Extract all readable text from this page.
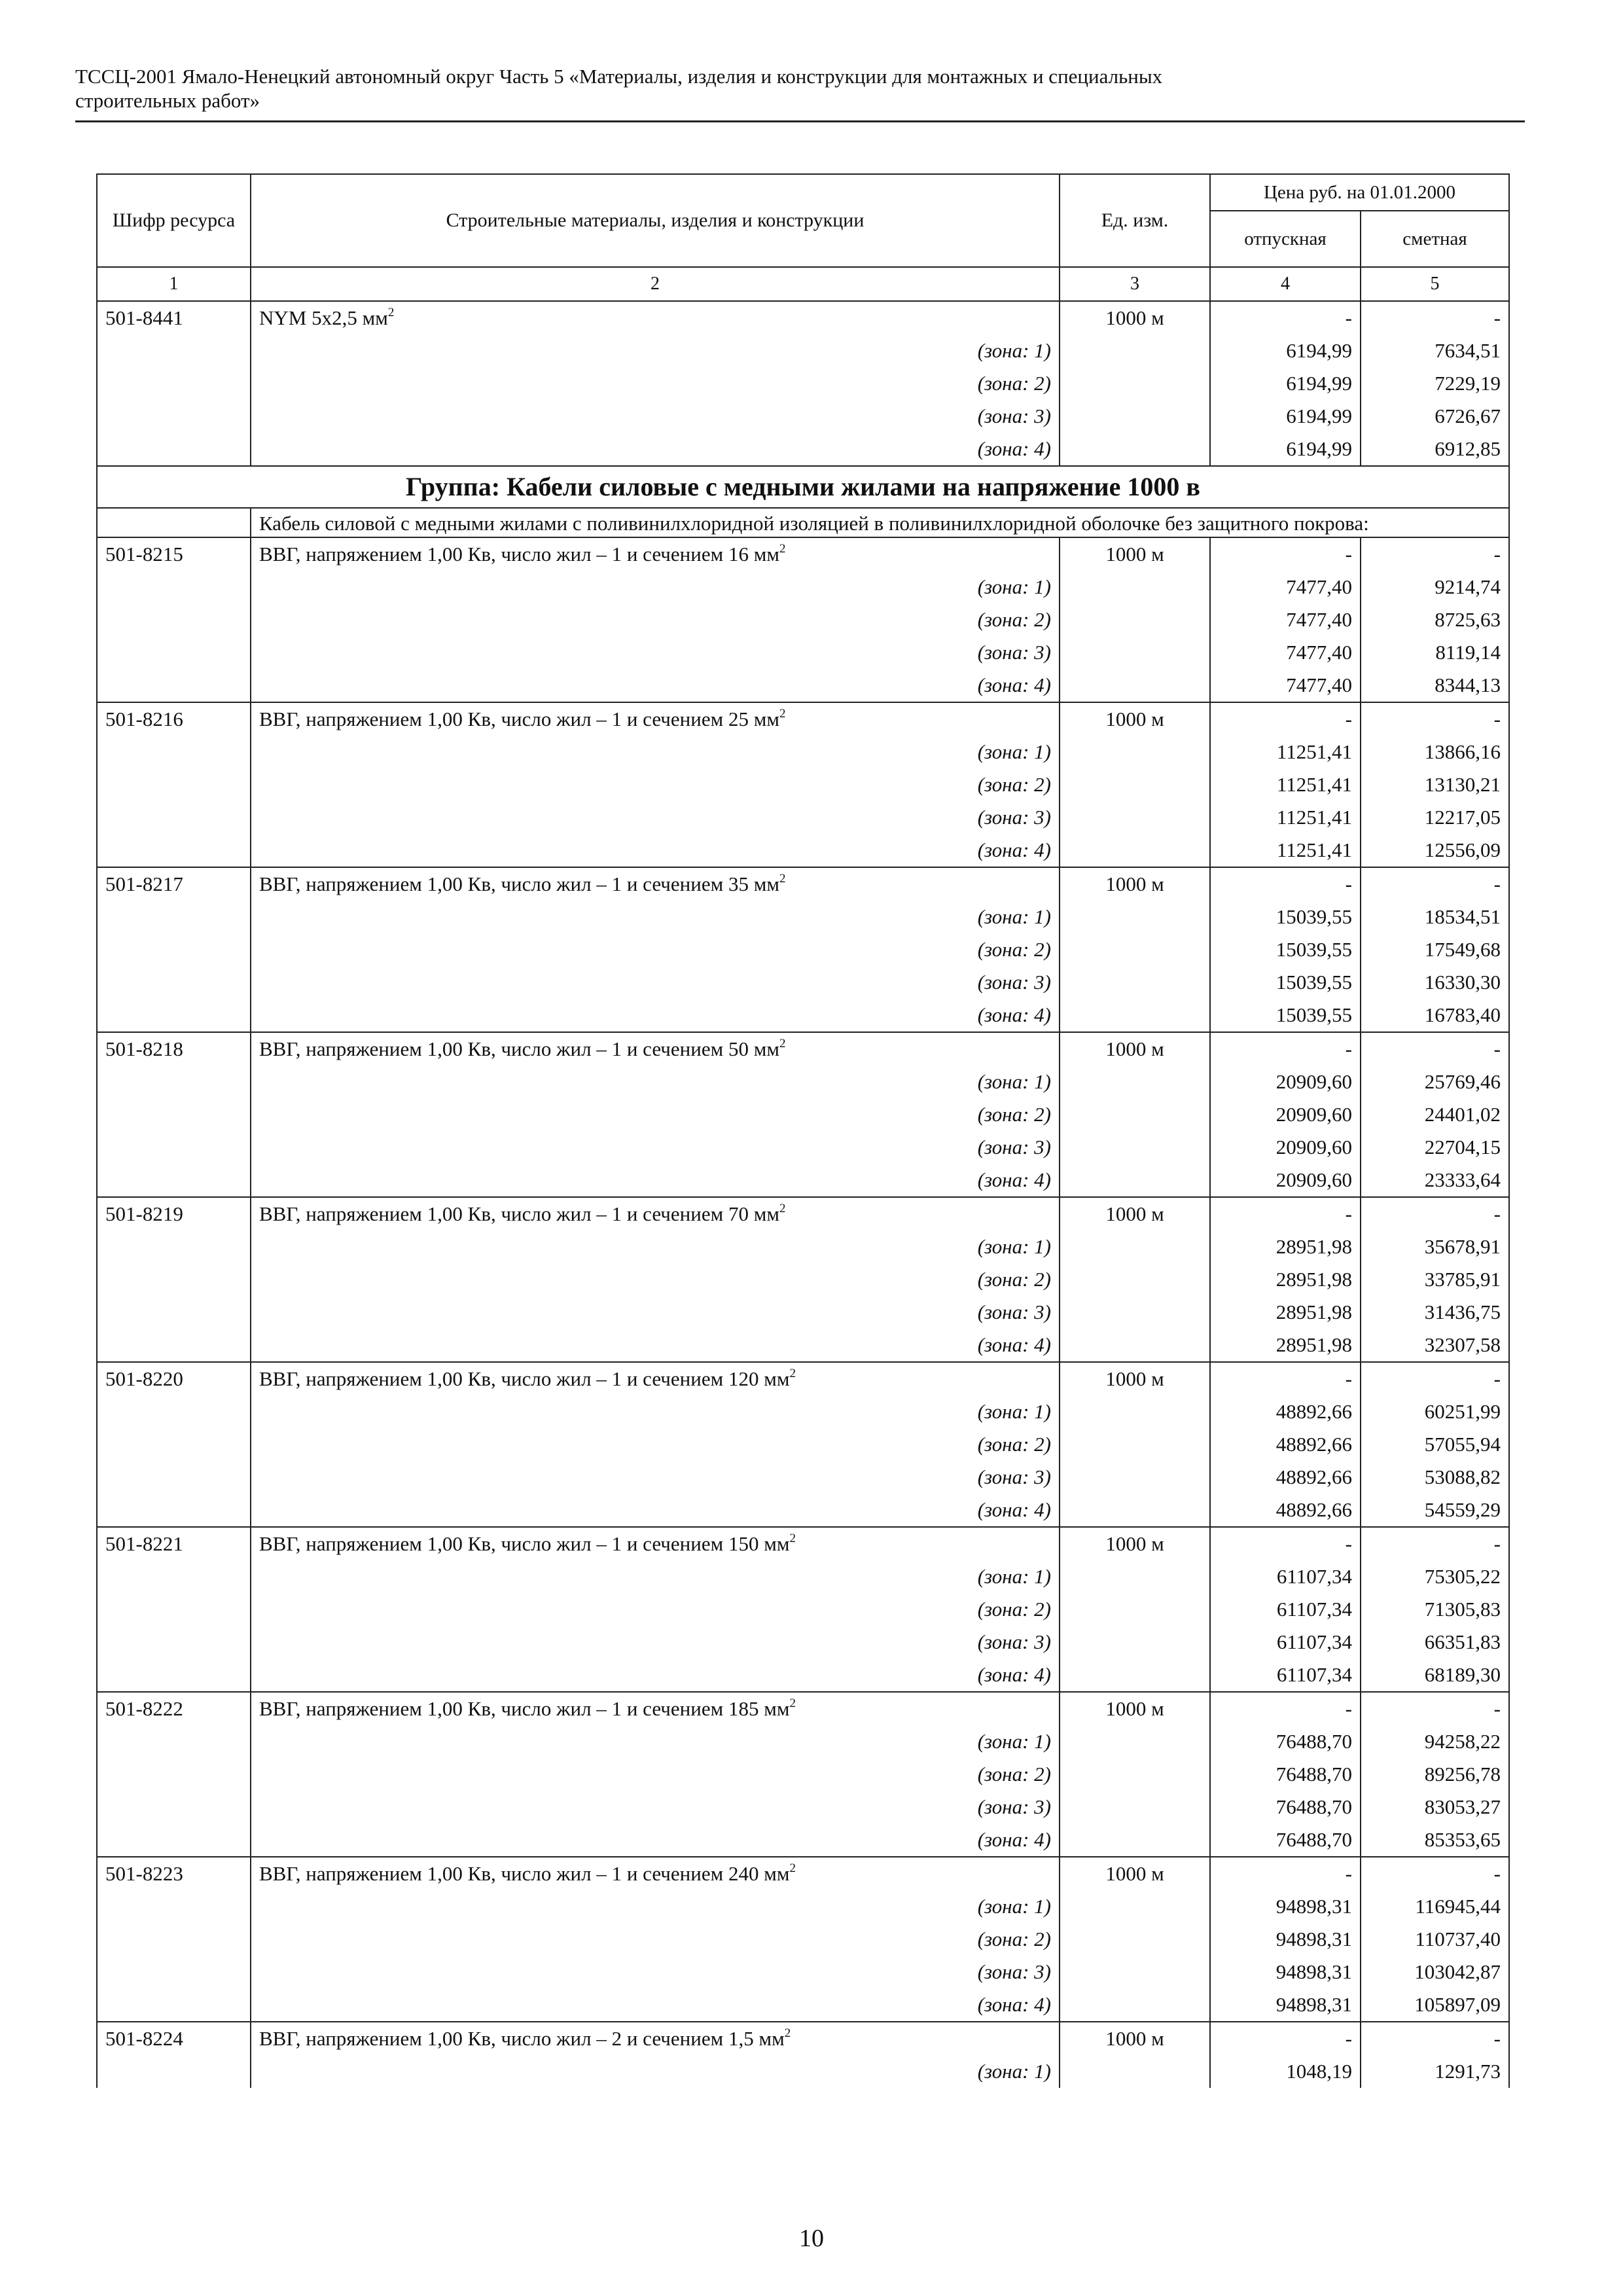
ТССЦ-2001 Ямало-Ненецкий автономный округ Часть 5 «Материалы, изделия и конструкции для монтажных и специальных
строительных работ»
Шифр ресурса	Строительные материалы, изделия и конструкции	Ед. изм.	Цена руб. на 01.01.2000	
			отпускная	сметная
1	2	3	4	5
501-8441	NYM 5x2,5 $мм^2$	1000 м	-	-
	(зона: 1)		6194,99	7634,51
	(зона: 2)		6194,99	7229,19
	(зона: 3)		6194,99	6726,67
	(зона: 4)		6194,99	6912,85
Группа: Кабели силовые с медными жилами на напряжение 1000 в				
	Кабель силовой с медными жилами с поливинилхлоридной изоляцией в поливинилхлоридной оболочке без защитного покрова:			
501-8215	ВВГ, напряжением 1,00 Кв, число жил – 1 и сечением 16 $мм^2$	1000 м	-	-
	(зона: 1)		7477,40	9214,74
	(зона: 2)		7477,40	8725,63
	(зона: 3)		7477,40	8119,14
	(зона: 4)		7477,40	8344,13
501-8216	ВВГ, напряжением 1,00 Кв, число жил – 1 и сечением 25 $мм^2$	1000 м	-	-
	(зона: 1)		11251,41	13866,16
	(зона: 2)		11251,41	13130,21
	(зона: 3)		11251,41	12217,05
	(зона: 4)		11251,41	12556,09
501-8217	ВВГ, напряжением 1,00 Кв, число жил – 1 и сечением 35 $мм^2$	1000 м	-	-
	(зона: 1)		15039,55	18534,51
	(зона: 2)		15039,55	17549,68
	(зона: 3)		15039,55	16330,30
	(зона: 4)		15039,55	16783,40
501-8218	ВВГ, напряжением 1,00 Кв, число жил – 1 и сечением 50 $мм^2$	1000 м	-	-
	(зона: 1)		20909,60	25769,46
	(зона: 2)		20909,60	24401,02
	(зона: 3)		20909,60	22704,15
	(зона: 4)		20909,60	23333,64
501-8219	ВВГ, напряжением 1,00 Кв, число жил – 1 и сечением 70 $мм^2$	1000 м	-	-
	(зона: 1)		28951,98	35678,91
	(зона: 2)		28951,98	33785,91
	(зона: 3)		28951,98	31436,75
	(зона: 4)		28951,98	32307,58
501-8220	ВВГ, напряжением 1,00 Кв, число жил – 1 и сечением 120 $мм^2$	1000 м	-	-
	(зона: 1)		48892,66	60251,99
	(зона: 2)		48892,66	57055,94
	(зона: 3)		48892,66	53088,82
	(зона: 4)		48892,66	54559,29
501-8221	ВВГ, напряжением 1,00 Кв, число жил – 1 и сечением 150 $мм^2$	1000 м	-	-
	(зона: 1)		61107,34	75305,22
	(зона: 2)		61107,34	71305,83
	(зона: 3)		61107,34	66351,83
	(зона: 4)		61107,34	68189,30
501-8222	ВВГ, напряжением 1,00 Кв, число жил – 1 и сечением 185 $мм^2$	1000 м	-	-
	(зона: 1)		76488,70	94258,22
	(зона: 2)		76488,70	89256,78
	(зона: 3)		76488,70	83053,27
	(зона: 4)		76488,70	85353,65
501-8223	ВВГ, напряжением 1,00 Кв, число жил – 1 и сечением 240 $мм^2$	1000 м	-	-
	(зона: 1)		94898,31	116945,44
	(зона: 2)		94898,31	110737,40
	(зона: 3)		94898,31	103042,87
	(зона: 4)		94898,31	105897,09
501-8224	ВВГ, напряжением 1,00 Кв, число жил – 2 и сечением 1,5 $мм^2$	1000 м	-	-
	(зона: 1)		1048,19	1291,73
10
